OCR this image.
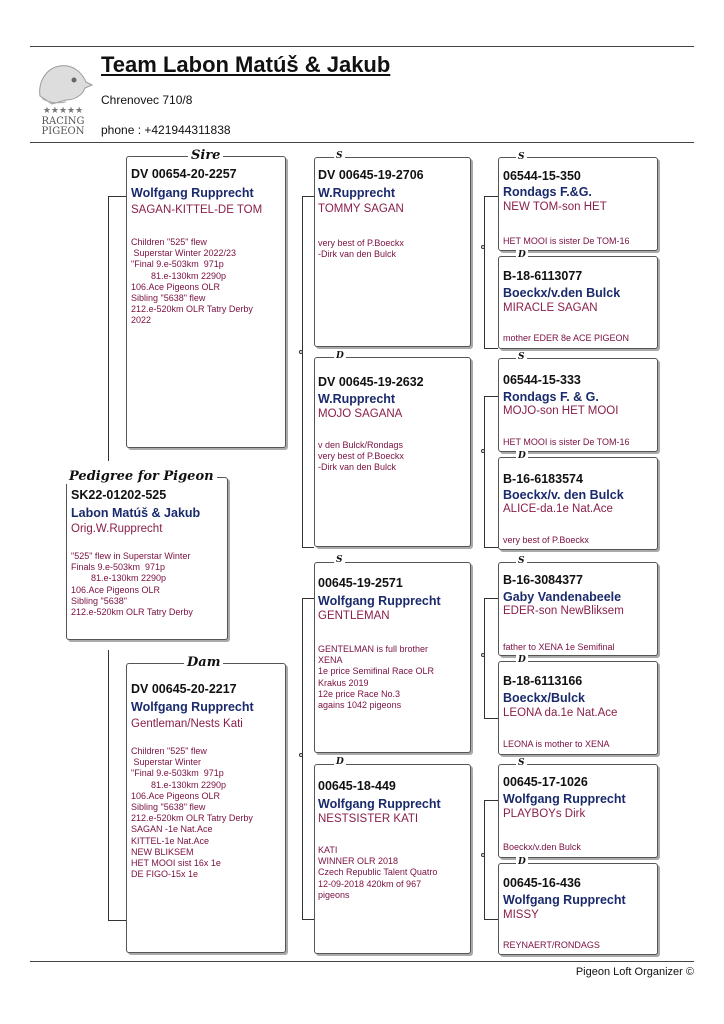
★★★★★
RACING
PIGEON
Team Labon Matúš & Jakub
Chrenovec 710/8
phone : +421944311838
Sire
DV 00654-20-2257
Wolfgang Rupprecht
SAGAN-KITTEL-DE TOM
Children "525" flew
Superstar Winter 2022/23
"Final 9.e-503km  971p
81.e-130km 2290p
106.Ace Pigeons OLR
Sibling "5638" flew
212.e-520km OLR Tatry Derby
2022
Dam
DV 00645-20-2217
Wolfgang Rupprecht
Gentleman/Nests Kati
Children "525" flew
Superstar Winter
"Final 9.e-503km  971p
81.e-130km 2290p
106.Ace Pigeons OLR
Sibling "5638" flew
212.e-520km OLR Tatry Derby
SAGAN -1e Nat.Ace
KITTEL-1e Nat.Ace
NEW BLIKSEM
HET MOOI sist 16x 1e
DE FIGO-15x 1e
Pedigree for Pigeon
SK22-01202-525
Labon Matúš & Jakub
Orig.W.Rupprecht
"525" flew in Superstar Winter
Finals 9.e-503km  971p
81.e-130km 2290p
106.Ace Pigeons OLR
Sibling "5638"
212.e-520km OLR Tatry Derby
S
DV 00645-19-2706
W.Rupprecht
TOMMY SAGAN
very best of P.Boeckx
-Dirk van den Bulck
D
DV 00645-19-2632
W.Rupprecht
MOJO SAGANA
v den Bulck/Rondags
very best of P.Boeckx
-Dirk van den Bulck
S
00645-19-2571
Wolfgang Rupprecht
GENTLEMAN
GENTELMAN is full brother
XENA
1e price Semifinal Race OLR
Krakus 2019
12e price Race No.3
agains 1042 pigeons
D
00645-18-449
Wolfgang Rupprecht
NESTSISTER KATI
KATI
WINNER OLR 2018
Czech Republic Talent Quatro
12-09-2018 420km of 967
pigeons
S
06544-15-350
Rondags F.&G.
NEW TOM-son HET
HET MOOI is sister De TOM-16
D
B-18-6113077
Boeckx/v.den Bulck
MIRACLE SAGAN
mother EDER 8e ACE PIGEON
S
06544-15-333
Rondags F. & G.
MOJO-son HET MOOI
HET MOOI is sister De TOM-16
D
B-16-6183574
Boeckx/v. den Bulck
ALICE-da.1e Nat.Ace
very best of P.Boeckx
S
B-16-3084377
Gaby Vandenabeele
EDER-son NewBliksem
father to XENA 1e Semifinal
D
B-18-6113166
Boeckx/Bulck
LEONA da.1e Nat.Ace
LEONA is mother to XENA
S
00645-17-1026
Wolfgang Rupprecht
PLAYBOYs Dirk
Boeckx/v.den Bulck
D
00645-16-436
Wolfgang Rupprecht
MISSY
REYNAERT/RONDAGS
Pigeon Loft Organizer ©
